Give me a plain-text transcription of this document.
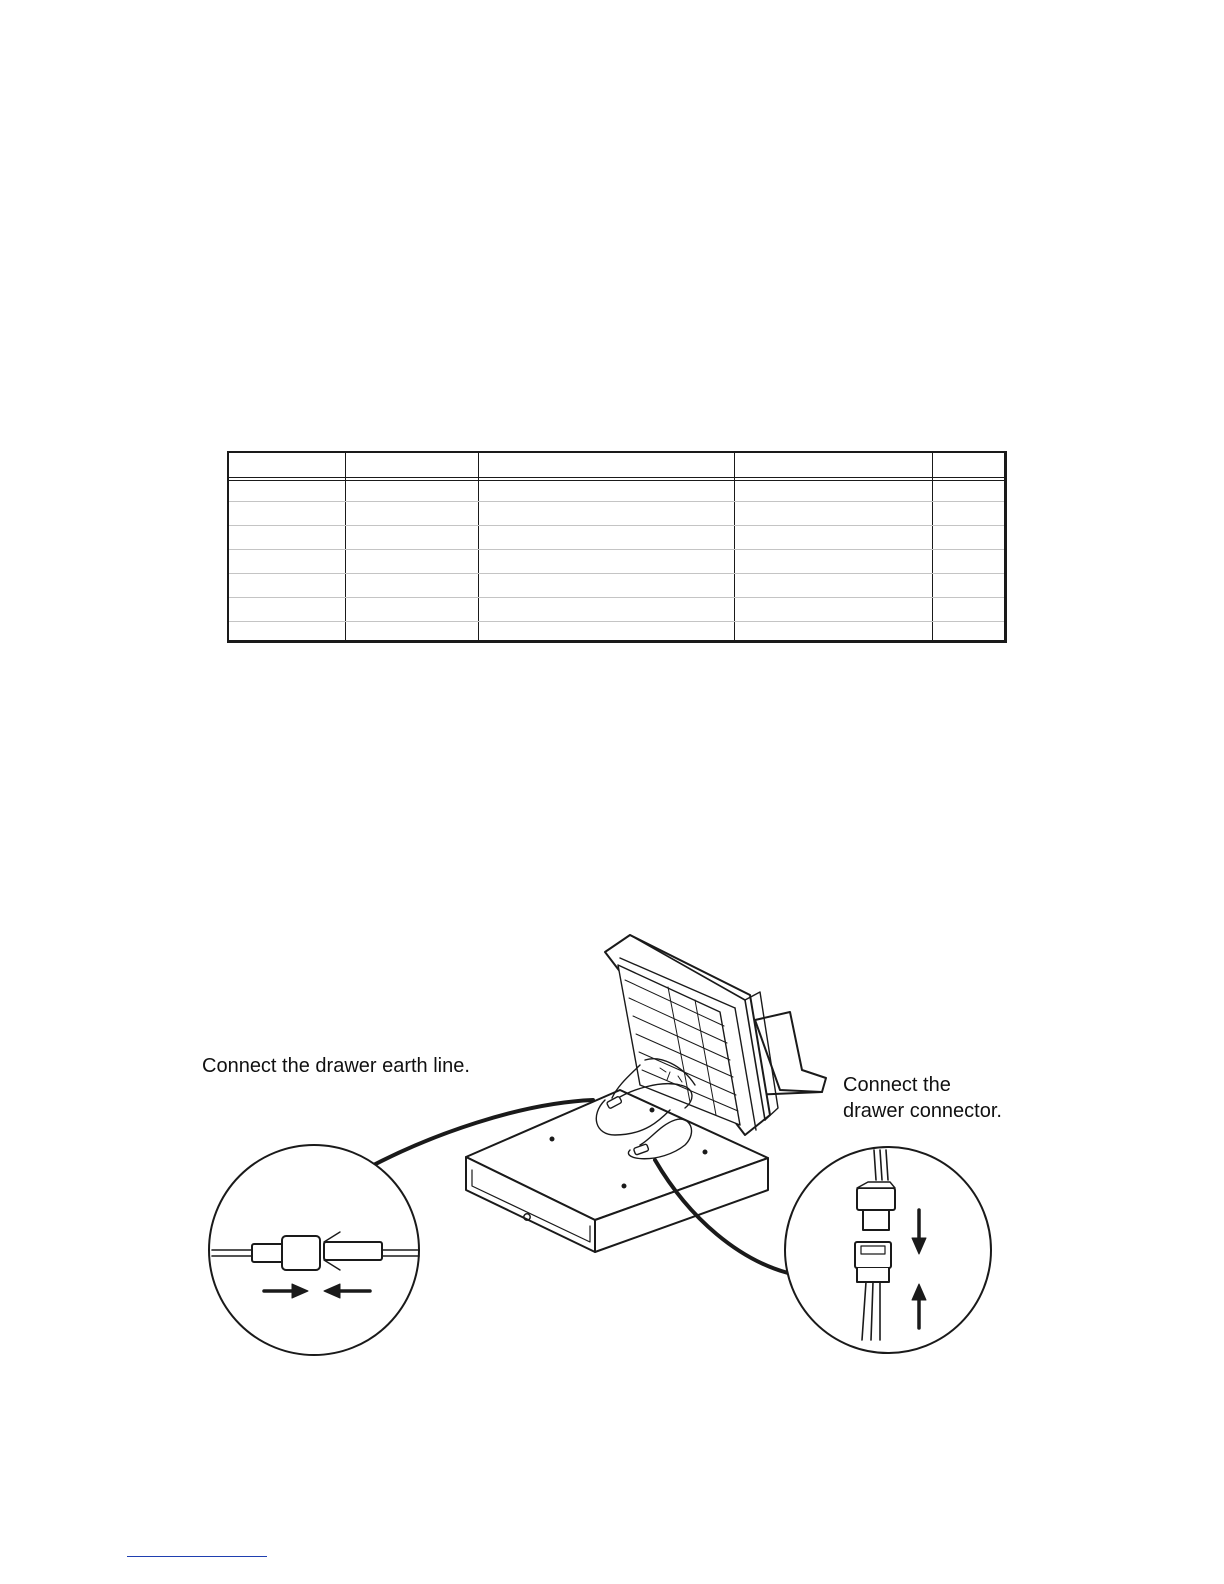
Connect the drawer earth line.
Connect the
drawer connector.
